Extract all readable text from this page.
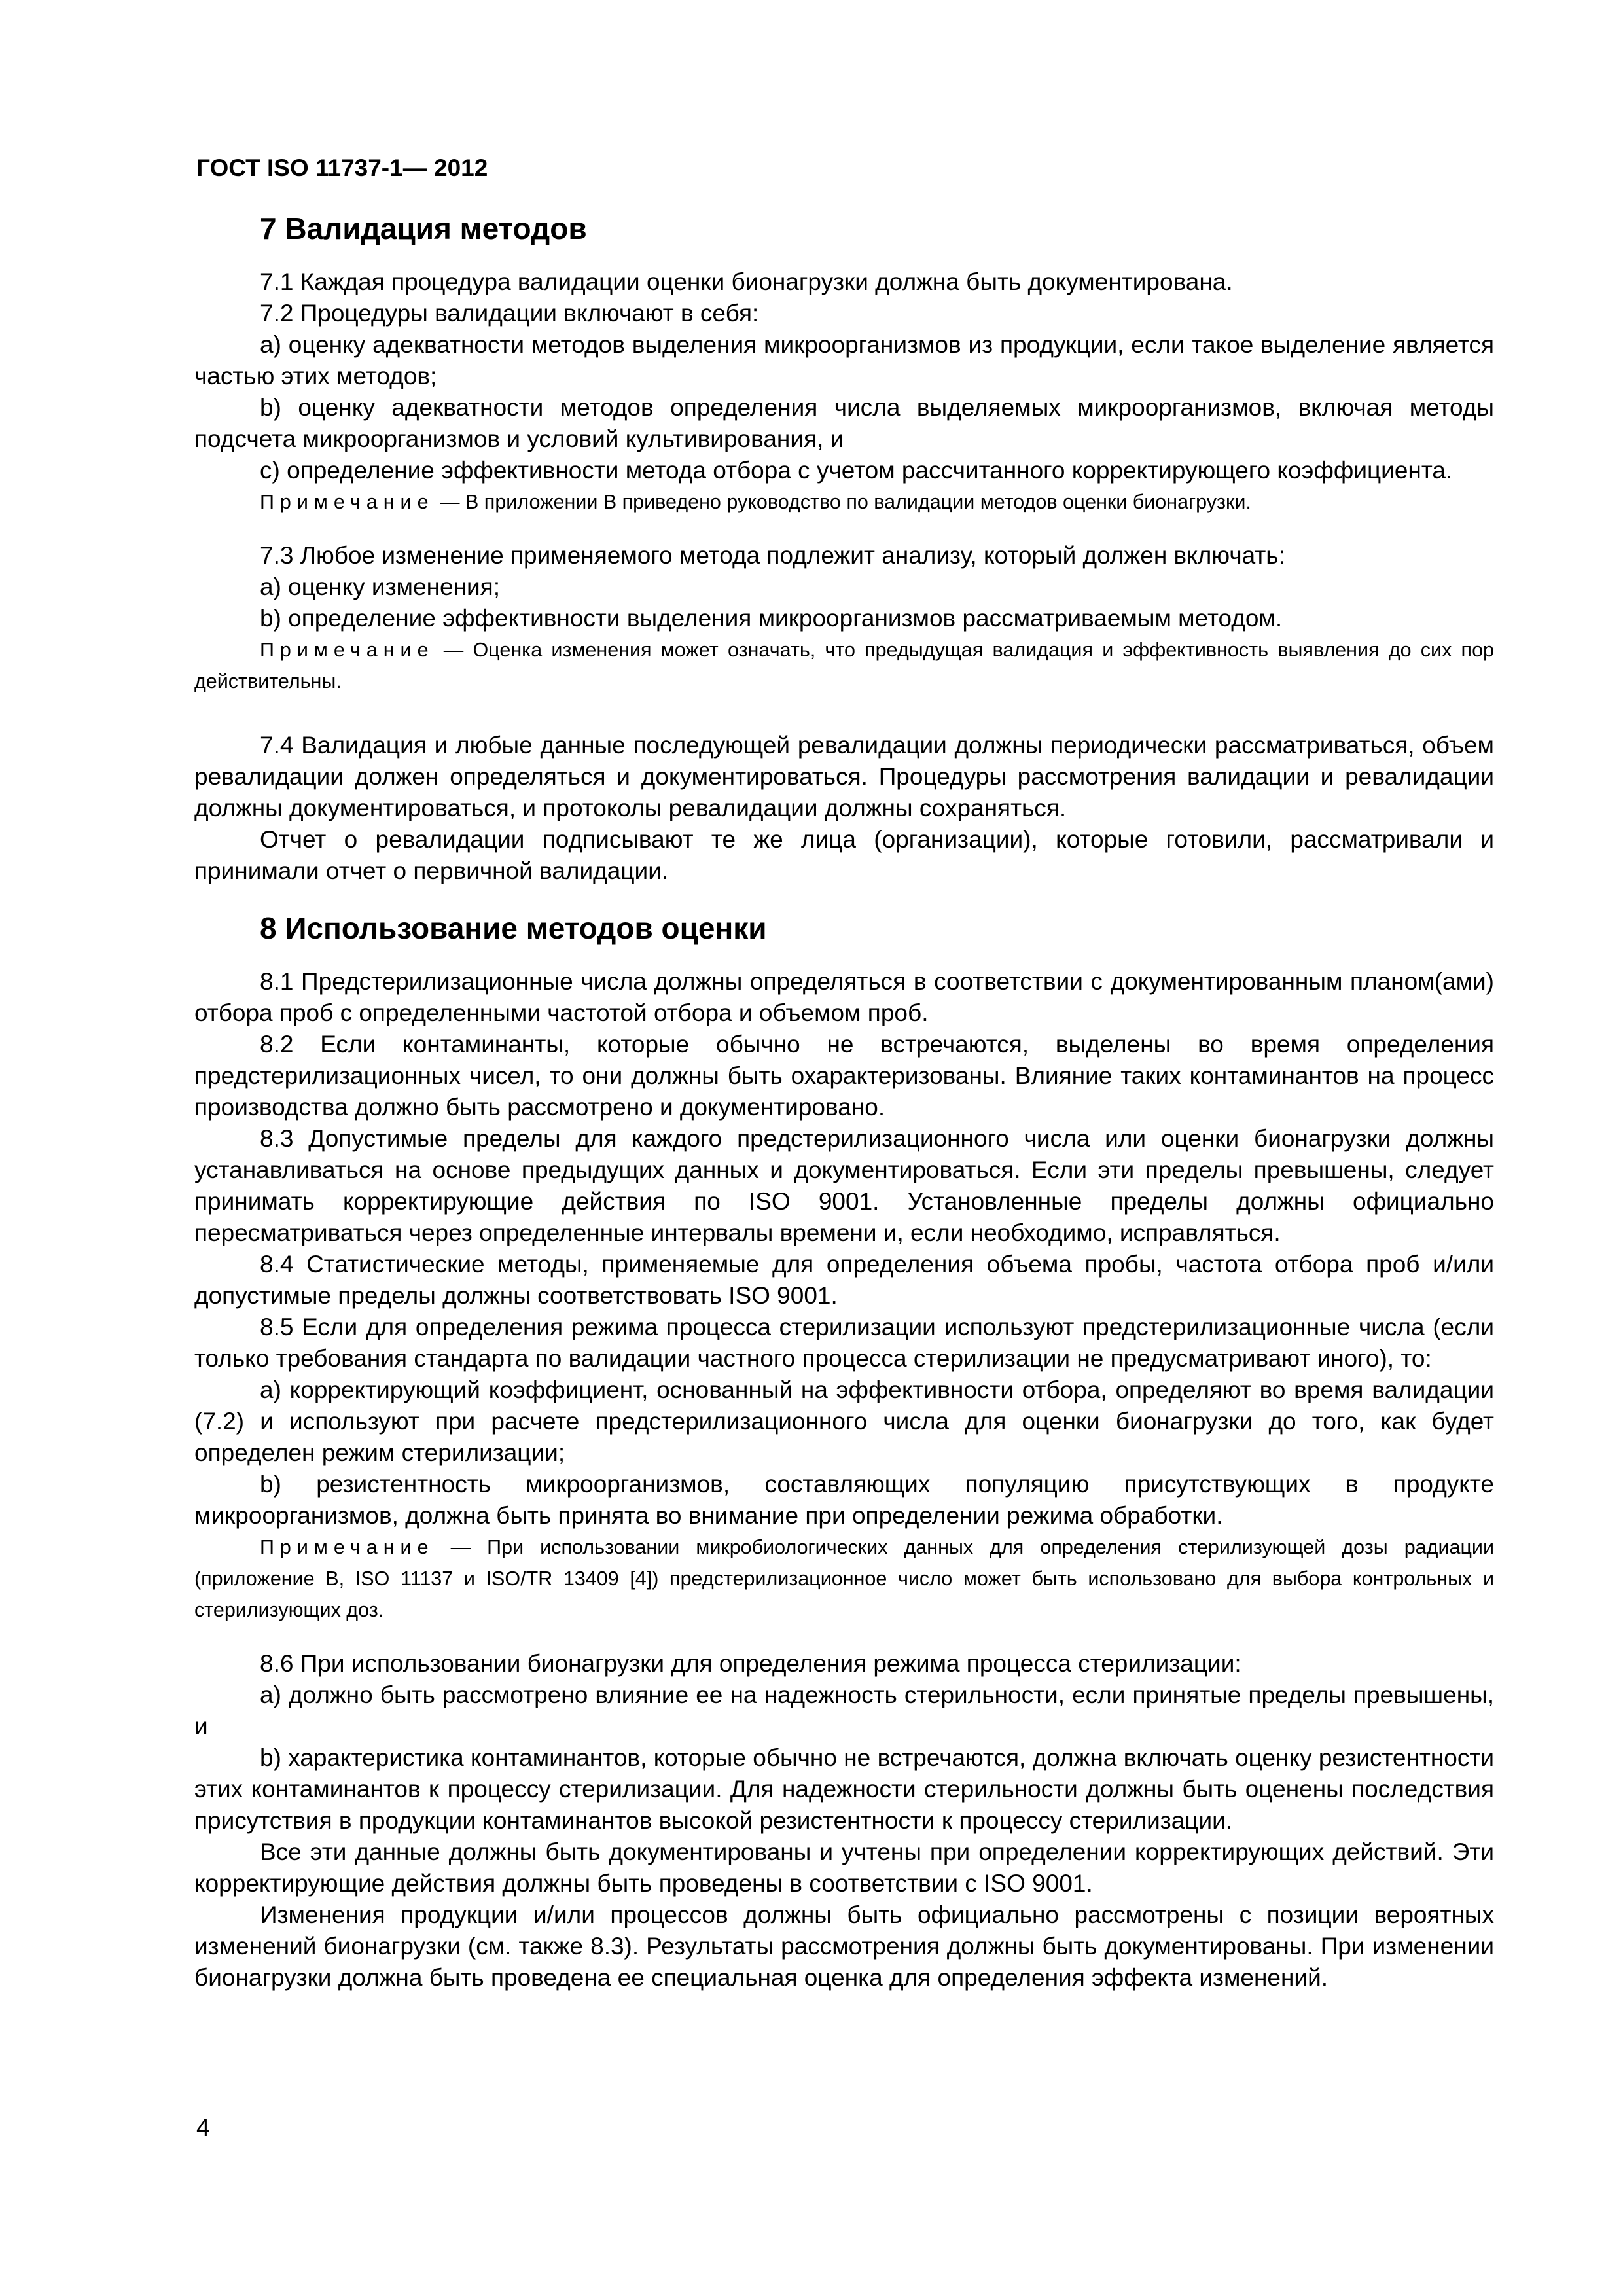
ГОСТ ISO 11737-1— 2012

7 Валидация методов

7.1 Каждая процедура валидации оценки бионагрузки должна быть документирована.

7.2 Процедуры валидации включают в себя:

a) оценку адекватности методов выделения микроорганизмов из продукции, если такое выделение является частью этих методов;

b) оценку адекватности методов определения числа выделяемых микроорганизмов, включая методы подсчета микроорганизмов и условий культивирования, и

c) определение эффективности метода отбора с учетом рассчитанного корректирующего коэффициента.

Примечание — В приложении B приведено руководство по валидации методов оценки бионагрузки.

7.3 Любое изменение применяемого метода подлежит анализу, который должен включать:

a) оценку изменения;

b) определение эффективности выделения микроорганизмов рассматриваемым методом.

Примечание — Оценка изменения может означать, что предыдущая валидация и эффективность выявления до сих пор действительны.

7.4 Валидация и любые данные последующей ревалидации должны периодически рассматриваться, объем ревалидации должен определяться и документироваться. Процедуры рассмотрения валидации и ревалидации должны документироваться, и протоколы ревалидации должны сохраняться.

Отчет о ревалидации подписывают те же лица (организации), которые готовили, рассматривали и принимали отчет о первичной валидации.

8 Использование методов оценки

8.1 Предстерилизационные числа должны определяться в соответствии с документированным планом(ами) отбора проб с определенными частотой отбора и объемом проб.

8.2 Если контаминанты, которые обычно не встречаются, выделены во время определения предстерилизационных чисел, то они должны быть охарактеризованы. Влияние таких контаминантов на процесс производства должно быть рассмотрено и документировано.

8.3 Допустимые пределы для каждого предстерилизационного числа или оценки бионагрузки должны устанавливаться на основе предыдущих данных и документироваться. Если эти пределы превышены, следует принимать корректирующие действия по ISO 9001. Установленные пределы должны официально пересматриваться через определенные интервалы времени и, если необходимо, исправляться.

8.4 Статистические методы, применяемые для определения объема пробы, частота отбора проб и/или допустимые пределы должны соответствовать ISO 9001.

8.5 Если для определения режима процесса стерилизации используют предстерилизационные числа (если только требования стандарта по валидации частного процесса стерилизации не предусматривают иного), то:

a) корректирующий коэффициент, основанный на эффективности отбора, определяют во время валидации (7.2) и используют при расчете предстерилизационного числа для оценки бионагрузки до того, как будет определен режим стерилизации;

b) резистентность микроорганизмов, составляющих популяцию присутствующих в продукте микроорганизмов, должна быть принята во внимание при определении режима обработки.

Примечание — При использовании микробиологических данных для определения стерилизующей дозы радиации (приложение B, ISO 11137 и ISO/TR 13409 [4]) предстерилизационное число может быть использовано для выбора контрольных и стерилизующих доз.

8.6 При использовании бионагрузки для определения режима процесса стерилизации:

a) должно быть рассмотрено влияние ее на надежность стерильности, если принятые пределы превышены, и

b) характеристика контаминантов, которые обычно не встречаются, должна включать оценку резистентности этих контаминантов к процессу стерилизации. Для надежности стерильности должны быть оценены последствия присутствия в продукции контаминантов высокой резистентности к процессу стерилизации.

Все эти данные должны быть документированы и учтены при определении корректирующих действий. Эти корректирующие действия должны быть проведены в соответствии с ISO 9001.

Изменения продукции и/или процессов должны быть официально рассмотрены с позиции вероятных изменений бионагрузки (см. также 8.3). Результаты рассмотрения должны быть документированы. При изменении бионагрузки должна быть проведена ее специальная оценка для определения эффекта изменений.

4
